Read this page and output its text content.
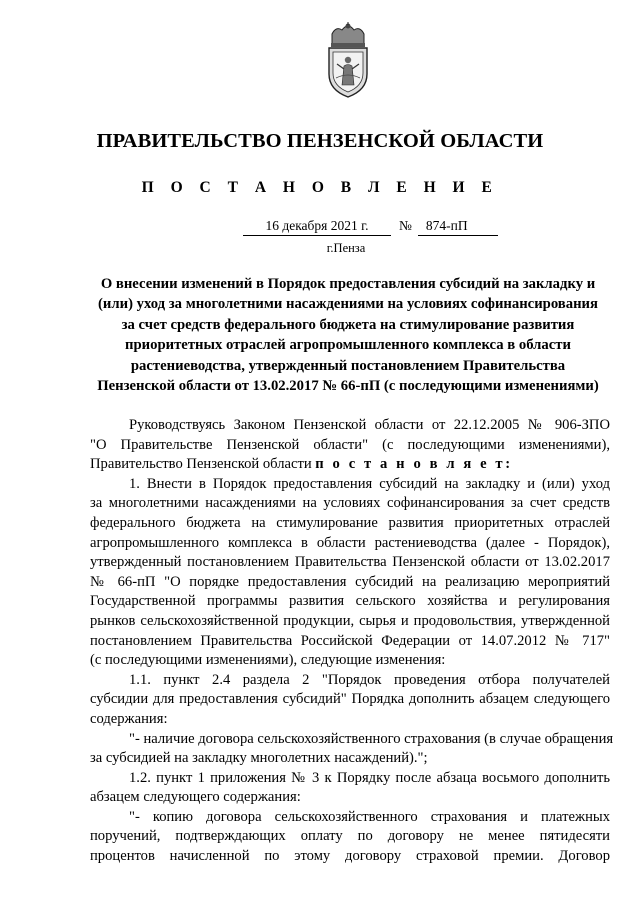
ПРАВИТЕЛЬСТВО ПЕНЗЕНСКОЙ ОБЛАСТИ
П О С Т А Н О В Л Е Н И Е
16 декабря 2021 г.	№	874-пП
г.Пенза
О внесении изменений в Порядок предоставления субсидий на закладку и
(или) уход за многолетними насаждениями на условиях софинансирования
за счет средств федерального бюджета на стимулирование развития
приоритетных отраслей агропромышленного комплекса в области
растениеводства, утвержденный постановлением Правительства
Пензенской области от 13.02.2017 № 66-пП (с последующими изменениями)
Руководствуясь Законом Пензенской области от 22.12.2005 № 906-ЗПО
"О Правительстве Пензенской области" (с последующими изменениями),
Правительство Пензенской области п о с т а н о в л я е т:
1. Внести в Порядок предоставления субсидий на закладку и (или) уход
за многолетними насаждениями на условиях софинансирования за счет средств
федерального бюджета на стимулирование развития приоритетных отраслей
агропромышленного комплекса в области растениеводства (далее - Порядок),
утвержденный постановлением Правительства Пензенской области от 13.02.2017
№ 66-пП "О порядке предоставления субсидий на реализацию мероприятий
Государственной программы развития сельского хозяйства и регулирования
рынков сельскохозяйственной продукции, сырья и продовольствия, утвержденной
постановлением Правительства Российской Федерации от 14.07.2012 № 717"
(с последующими изменениями), следующие изменения:
1.1. пункт 2.4 раздела 2 "Порядок проведения отбора получателей
субсидии для предоставления субсидий" Порядка дополнить абзацем следующего
содержания:
"- наличие договора сельскохозяйственного страхования (в случае обращения
за субсидией на закладку многолетних насаждений).";
1.2. пункт 1 приложения № 3 к Порядку после абзаца восьмого дополнить
абзацем следующего содержания:
"- копию договора сельскохозяйственного страхования и платежных
поручений, подтверждающих оплату по договору не менее пятидесяти
процентов начисленной по этому договору страховой премии. Договор
